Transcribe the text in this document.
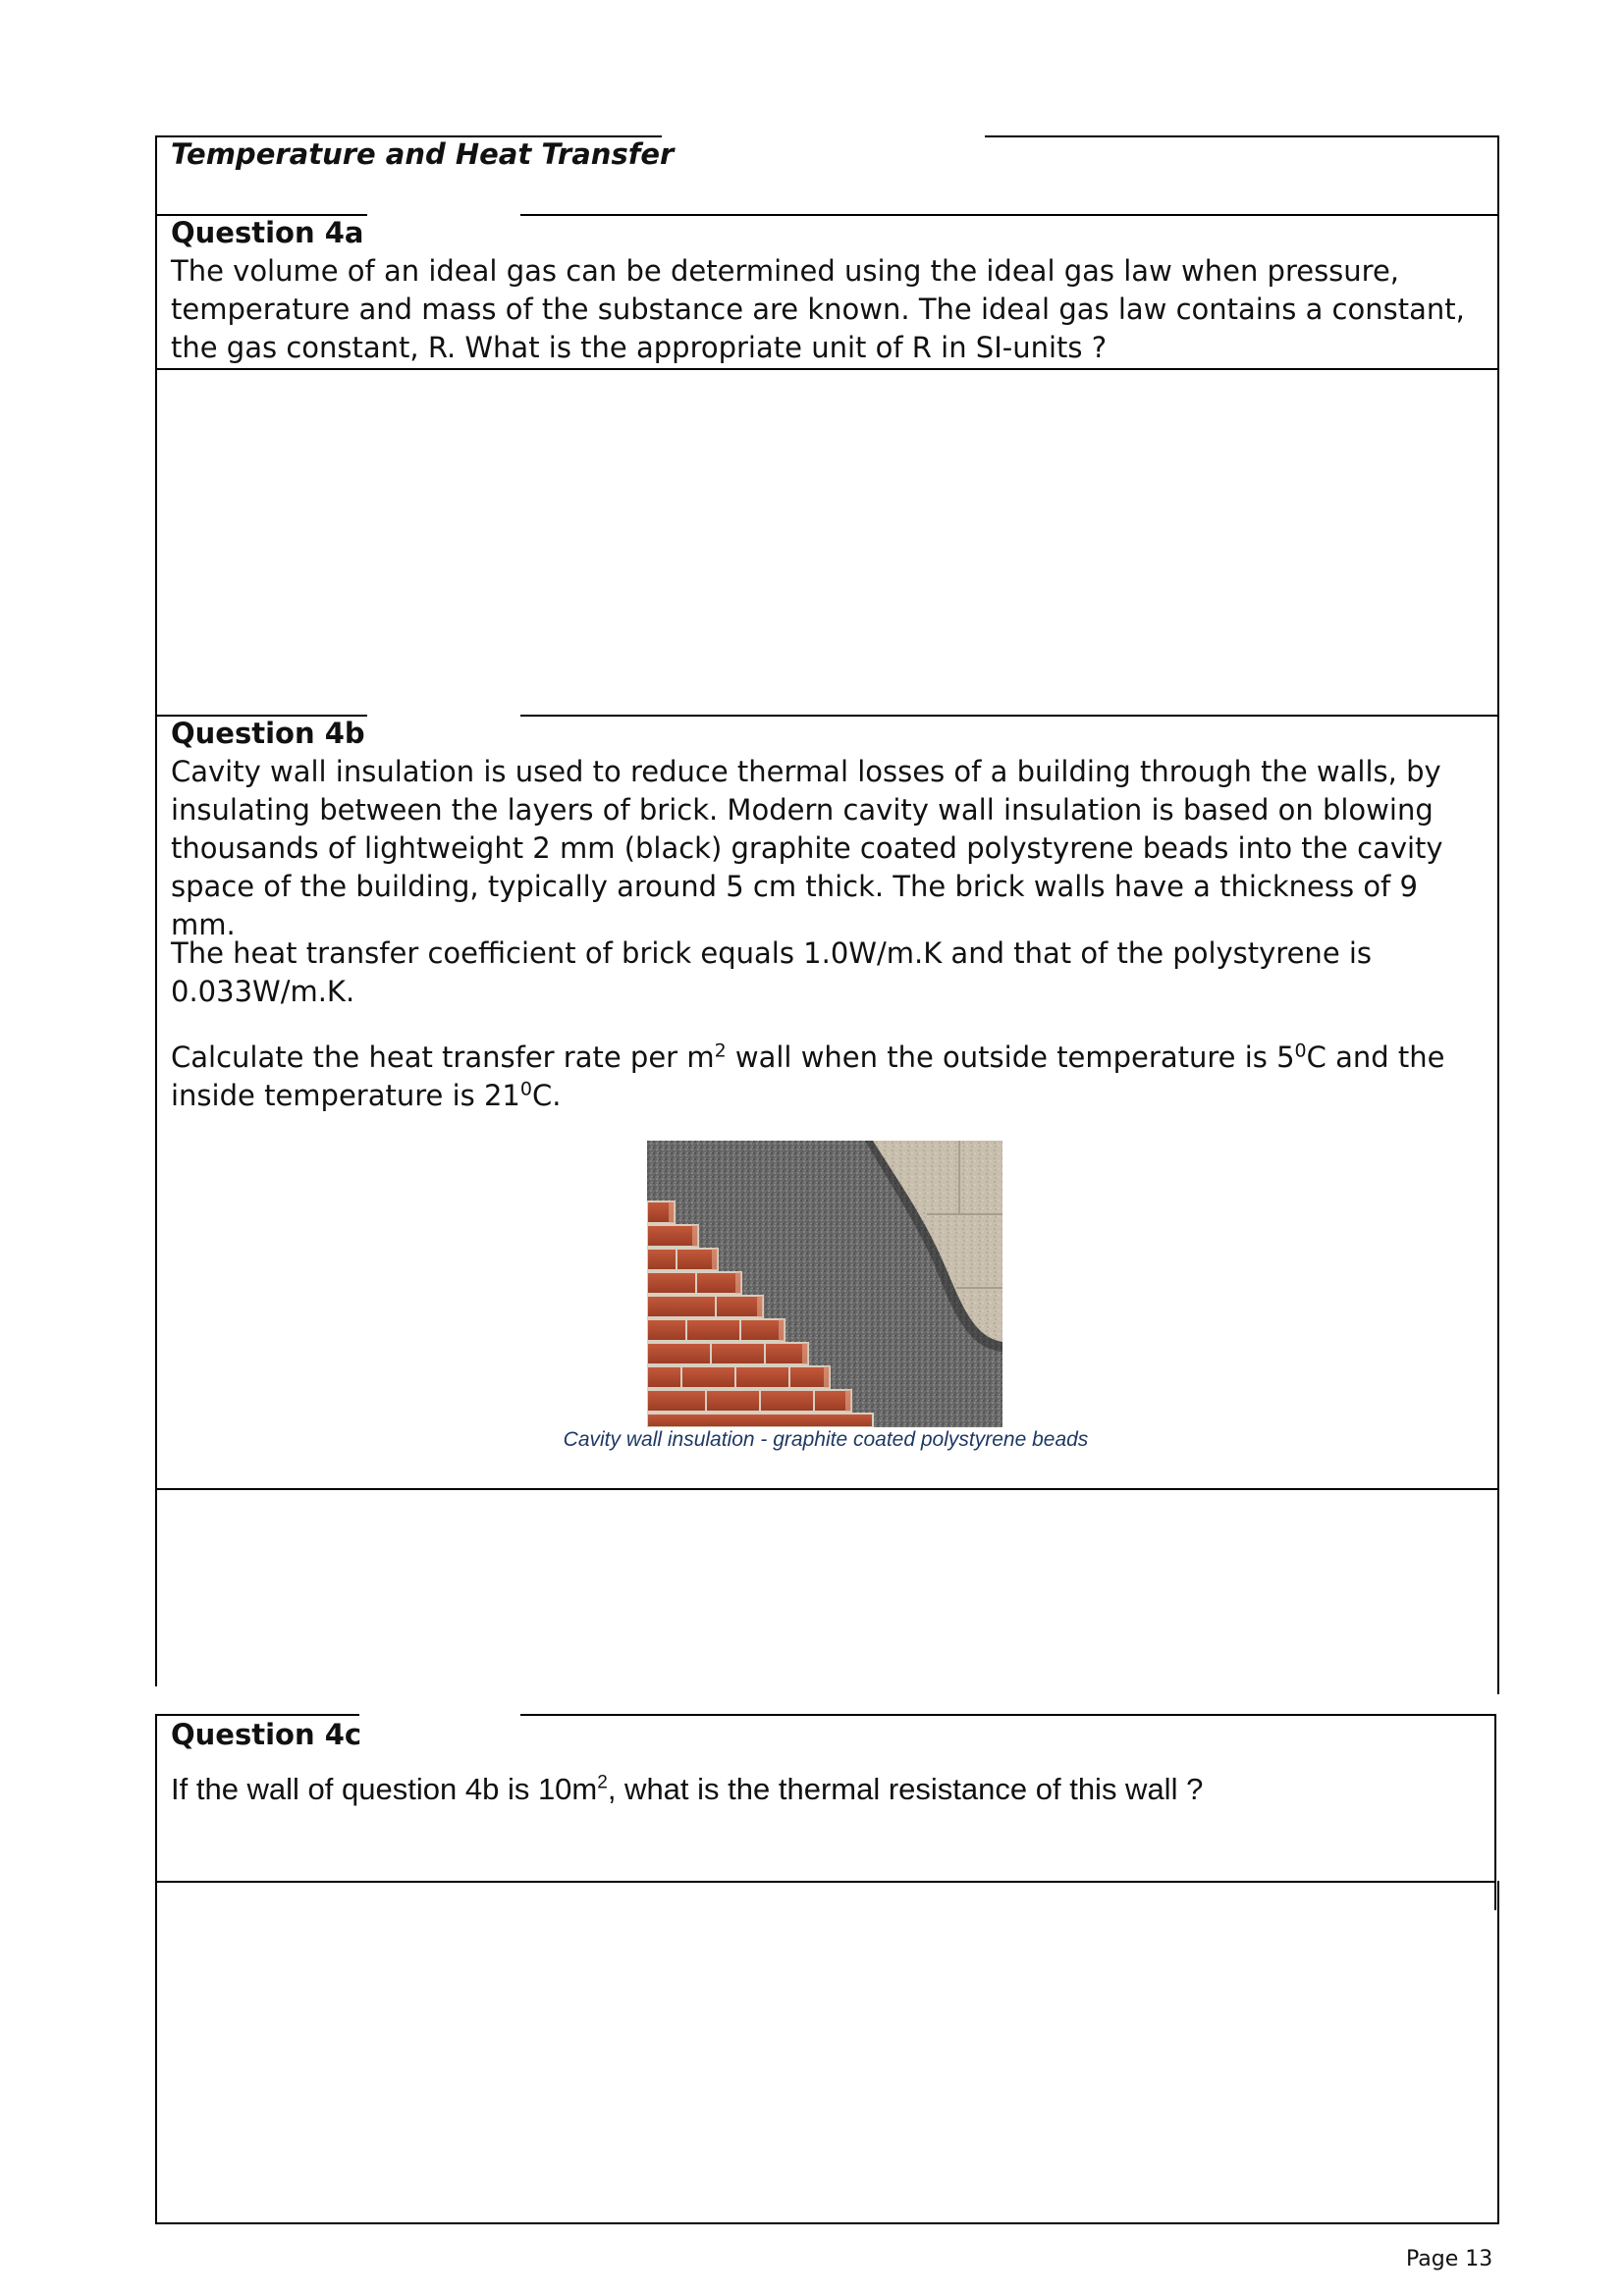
Temperature and Heat Transfer
Question 4a
The volume of an ideal gas can be determined using the ideal gas law when pressure, temperature and mass of the substance are known. The ideal gas law contains a constant, the gas constant, R. What is the appropriate unit of R in SI-units ?
Question 4b
Cavity wall insulation is used to reduce thermal losses of a building through the walls, by insulating between the layers of brick. Modern cavity wall insulation is based on blowing thousands of lightweight 2 mm (black) graphite coated polystyrene beads into the cavity space of the building, typically around 5 cm thick. The brick walls have a thickness of 9 mm.
The heat transfer coefficient of brick equals 1.0W/m.K and that of the polystyrene is 0.033W/m.K.
Calculate the heat transfer rate per $m^2$ wall when the outside temperature is $5^0C$ and the inside temperature is $21^0C$.
Cavity wall insulation - graphite coated polystyrene beads
Question 4c
If the wall of question 4b is $10m^2$, what is the thermal resistance of this wall ?
Page 13
